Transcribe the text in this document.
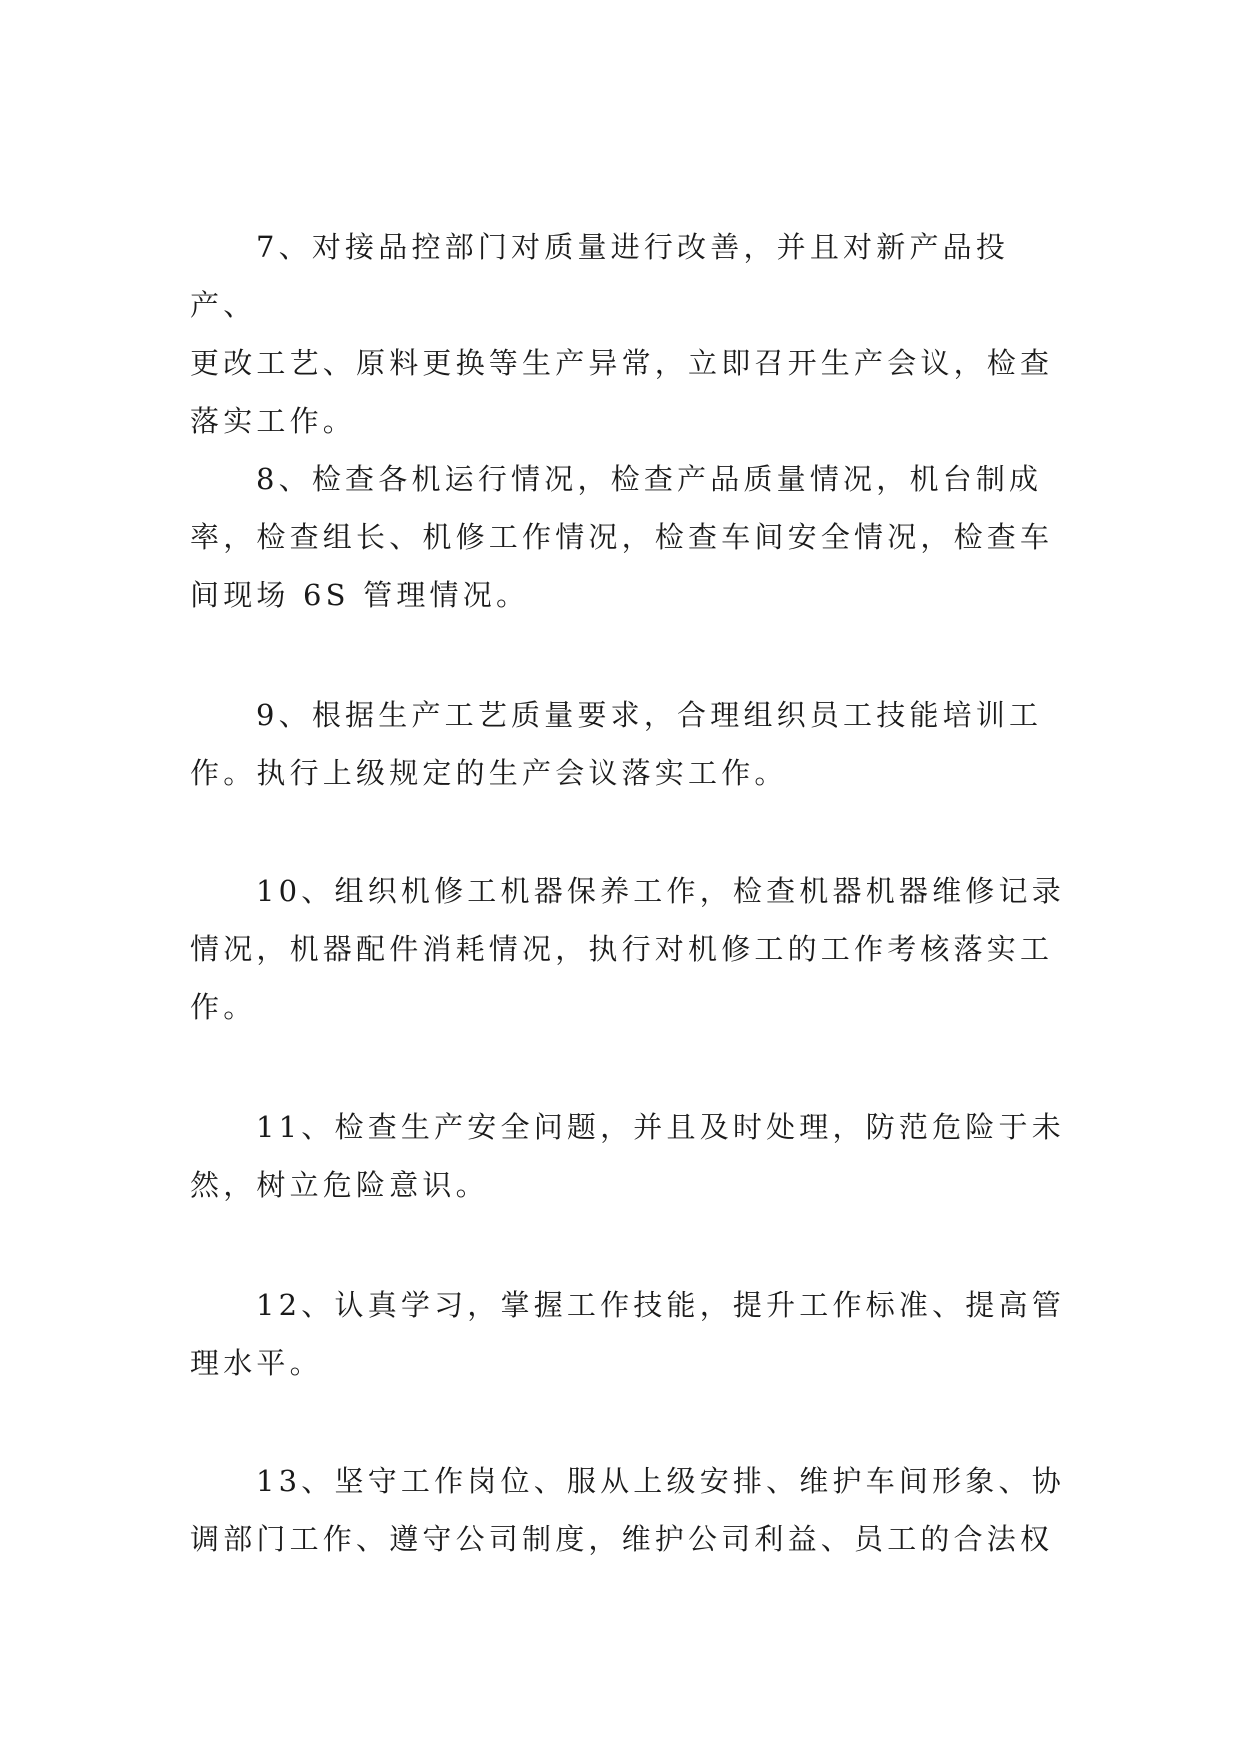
7、对接品控部门对质量进行改善，并且对新产品投产、
更改工艺、原料更换等生产异常，立即召开生产会议，检查
落实工作。

8、检查各机运行情况，检查产品质量情况，机台制成
率，检查组长、机修工作情况，检查车间安全情况，检查车
间现场 6S 管理情况。

9、根据生产工艺质量要求，合理组织员工技能培训工
作。执行上级规定的生产会议落实工作。

10、组织机修工机器保养工作，检查机器机器维修记录
情况，机器配件消耗情况，执行对机修工的工作考核落实工
作。

11、检查生产安全问题，并且及时处理，防范危险于未
然，树立危险意识。

12、认真学习，掌握工作技能，提升工作标准、提高管
理水平。

13、坚守工作岗位、服从上级安排、维护车间形象、协
调部门工作、遵守公司制度，维护公司利益、员工的合法权
